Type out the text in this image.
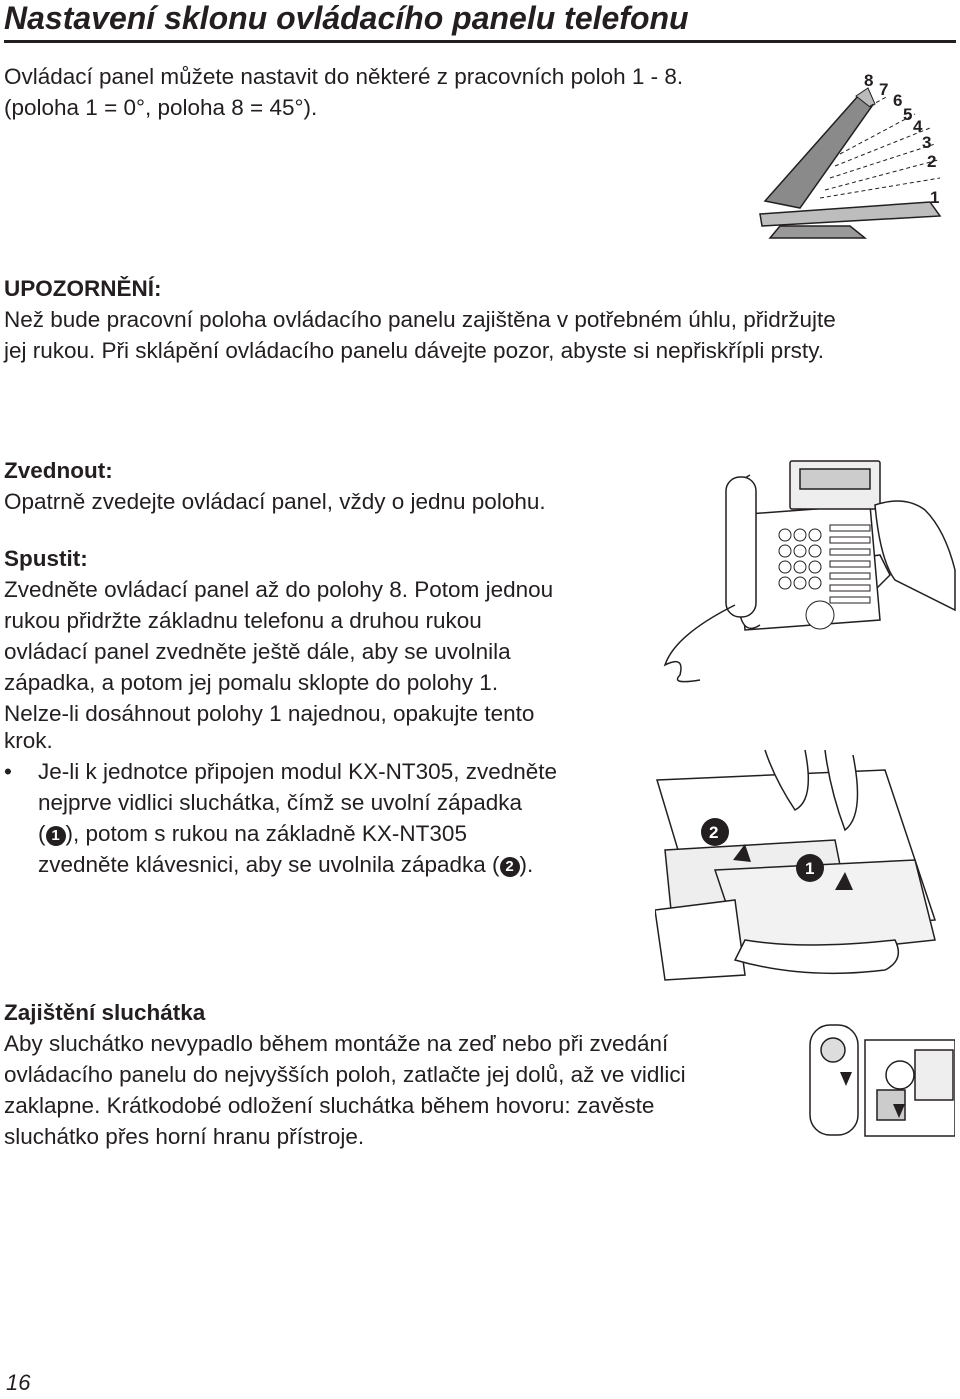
Nastavení sklonu ovládacího panelu telefonu
Ovládací panel můžete nastavit do některé z pracovních poloh 1 - 8.
(poloha 1 = 0°, poloha 8 = 45°).
8 7
6
5
4
3
2
1
UPOZORNĚNÍ:
Než bude pracovní poloha ovládacího panelu zajištěna v potřebném úhlu, přidržujte
jej rukou. Při sklápění ovládacího panelu dávejte pozor, abyste si nepřiskřípli prsty.
Zvednout:
Opatrně zvedejte ovládací panel, vždy o jednu polohu.
Spustit:
Zvedněte ovládací panel až do polohy 8. Potom jednou
rukou přidržte základnu telefonu a druhou rukou
ovládací panel zvedněte ještě dále, aby se uvolnila
západka, a potom jej pomalu sklopte do polohy 1.
Nelze-li dosáhnout polohy 1 najednou, opakujte tento
krok.
• Je-li k jednotce připojen modul KX-NT305, zvedněte
nejprve vidlici sluchátka, čímž se uvolní západka
( 1 ), potom s rukou na základně KX-NT305
zvedněte klávesnici, aby se uvolnila západka ( 2 ).
2
1
Zajištění sluchátka
Aby sluchátko nevypadlo během montáže na zeď nebo při zvedání
ovládacího panelu do nejvyšších poloh, zatlačte jej dolů, až ve vidlici
zaklapne. Krátkodobé odložení sluchátka během hovoru: zavěste
sluchátko přes horní hranu přístroje.
16
